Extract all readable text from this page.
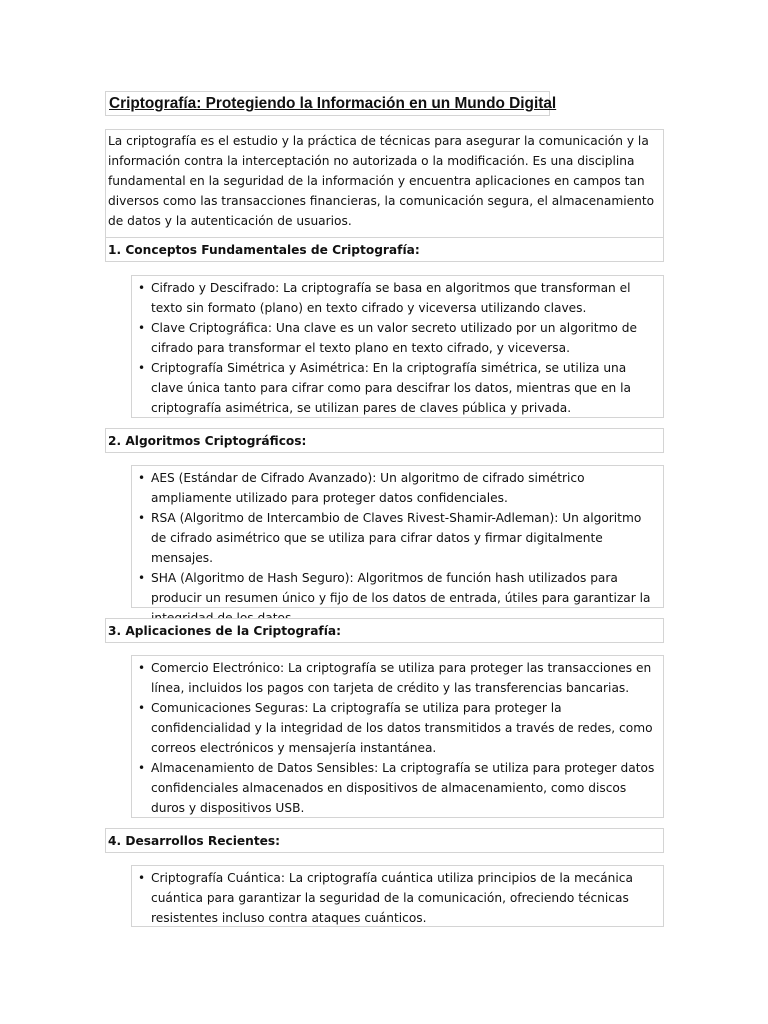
Criptografía: Protegiendo la Información en un Mundo Digital

La criptografía es el estudio y la práctica de técnicas para asegurar la comunicación y la información contra la interceptación no autorizada o la modificación. Es una disciplina fundamental en la seguridad de la información y encuentra aplicaciones en campos tan diversos como las transacciones financieras, la comunicación segura, el almacenamiento de datos y la autenticación de usuarios.

1. Conceptos Fundamentales de Criptografía:
• Cifrado y Descifrado: La criptografía se basa en algoritmos que transforman el texto sin formato (plano) en texto cifrado y viceversa utilizando claves.
• Clave Criptográfica: Una clave es un valor secreto utilizado por un algoritmo de cifrado para transformar el texto plano en texto cifrado, y viceversa.
• Criptografía Simétrica y Asimétrica: En la criptografía simétrica, se utiliza una clave única tanto para cifrar como para descifrar los datos, mientras que en la criptografía asimétrica, se utilizan pares de claves pública y privada.
2. Algoritmos Criptográficos:
• AES (Estándar de Cifrado Avanzado): Un algoritmo de cifrado simétrico ampliamente utilizado para proteger datos confidenciales.
• RSA (Algoritmo de Intercambio de Claves Rivest-Shamir-Adleman): Un algoritmo de cifrado asimétrico que se utiliza para cifrar datos y firmar digitalmente mensajes.
• SHA (Algoritmo de Hash Seguro): Algoritmos de función hash utilizados para producir un resumen único y fijo de los datos de entrada, útiles para garantizar la
3. Aplicaciones de la Criptografía:
• Comercio Electrónico: La criptografía se utiliza para proteger las transacciones en línea, incluidos los pagos con tarjeta de crédito y las transferencias bancarias.
• Comunicaciones Seguras: La criptografía se utiliza para proteger la confidencialidad y la integridad de los datos transmitidos a través de redes, como correos electrónicos y mensajería instantánea.
• Almacenamiento de Datos Sensibles: La criptografía se utiliza para proteger datos confidenciales almacenados en dispositivos de almacenamiento, como discos duros y dispositivos USB.
4. Desarrollos Recientes:
• Criptografía Cuántica: La criptografía cuántica utiliza principios de la mecánica cuántica para garantizar la seguridad de la comunicación, ofreciendo técnicas resistentes incluso contra ataques cuánticos.
